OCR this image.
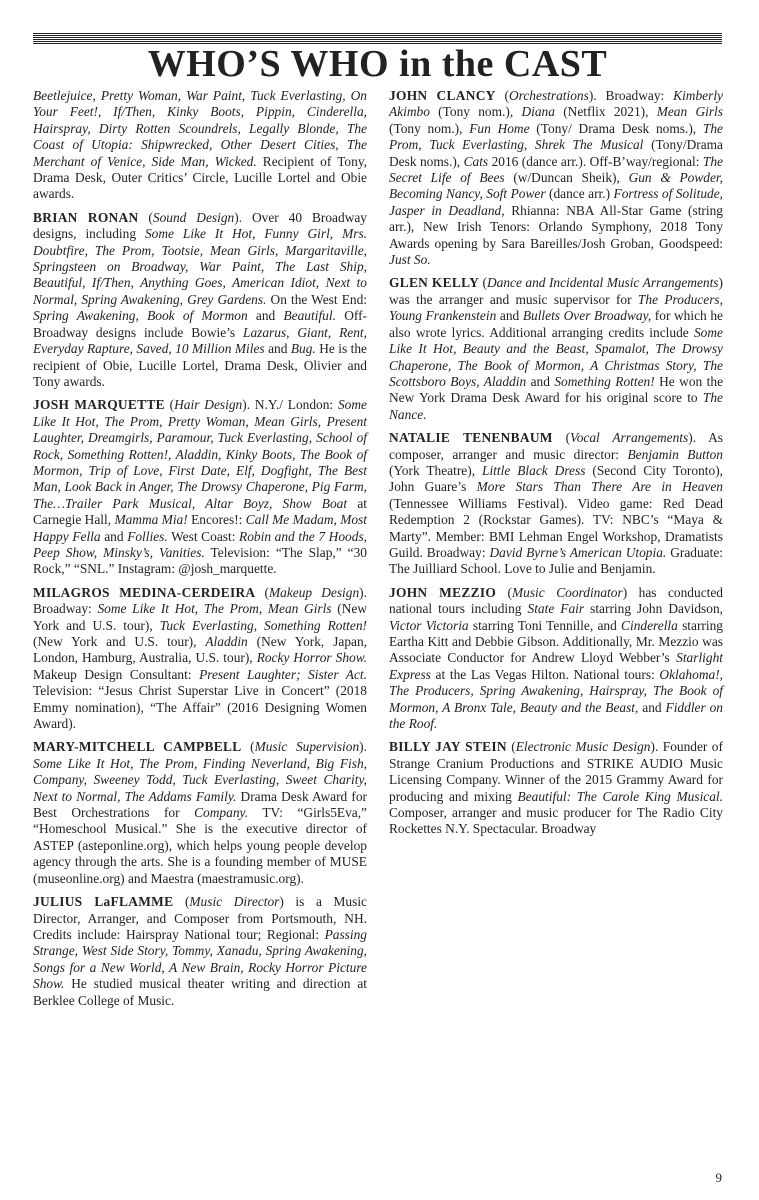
WHO’S WHO in the CAST

Beetlejuice, Pretty Woman, War Paint, Tuck Everlasting, On Your Feet!, If/Then, Kinky Boots, Pippin, Cinderella, Hairspray, Dirty Rotten Scoundrels, Legally Blonde, The Coast of Utopia: Shipwrecked, Other Desert Cities, The Merchant of Venice, Side Man, Wicked. Recipient of Tony, Drama Desk, Outer Critics’ Circle, Lucille Lortel and Obie awards.

BRIAN RONAN (Sound Design). Over 40 Broadway designs, including Some Like It Hot, Funny Girl, Mrs. Doubtfire, The Prom, Tootsie, Mean Girls, Margaritaville, Springsteen on Broadway, War Paint, The Last Ship, Beautiful, If/Then, Anything Goes, American Idiot, Next to Normal, Spring Awakening, Grey Gardens. On the West End: Spring Awakening, Book of Mormon and Beautiful. Off-Broadway designs include Bowie’s Lazarus, Giant, Rent, Everyday Rapture, Saved, 10 Million Miles and Bug. He is the recipient of Obie, Lucille Lortel, Drama Desk, Olivier and Tony awards.

JOSH MARQUETTE (Hair Design). N.Y./ London: Some Like It Hot, The Prom, Pretty Woman, Mean Girls, Present Laughter, Dreamgirls, Paramour, Tuck Everlasting, School of Rock, Something Rotten!, Aladdin, Kinky Boots, The Book of Mormon, Trip of Love, First Date, Elf, Dogfight, The Best Man, Look Back in Anger, The Drowsy Chaperone, Pig Farm, The…Trailer Park Musical, Altar Boyz, Show Boat at Carnegie Hall, Mamma Mia! Encores!: Call Me Madam, Most Happy Fella and Follies. West Coast: Robin and the 7 Hoods, Peep Show, Minsky’s, Vanities. Television: “The Slap,” “30 Rock,” “SNL.” Instagram: @josh_marquette.

MILAGROS MEDINA-CERDEIRA (Makeup Design). Broadway: Some Like It Hot, The Prom, Mean Girls (New York and U.S. tour), Tuck Everlasting, Something Rotten! (New York and U.S. tour), Aladdin (New York, Japan, London, Hamburg, Australia, U.S. tour), Rocky Horror Show. Makeup Design Consultant: Present Laughter; Sister Act. Television: “Jesus Christ Superstar Live in Concert” (2018 Emmy nomination), “The Affair” (2016 Designing Women Award).

MARY-MITCHELL CAMPBELL (Music Supervision). Some Like It Hot, The Prom, Finding Neverland, Big Fish, Company, Sweeney Todd, Tuck Everlasting, Sweet Charity, Next to Normal, The Addams Family. Drama Desk Award for Best Orchestrations for Company. TV: “Girls5Eva,” “Homeschool Musical.” She is the executive director of ASTEP (asteponline.org), which helps young people develop agency through the arts. She is a founding member of MUSE (museonline.org) and Maestra (maestramusic.org).

JULIUS LaFLAMME (Music Director) is a Music Director, Arranger, and Composer from Portsmouth, NH. Credits include: Hairspray National tour; Regional: Passing Strange, West Side Story, Tommy, Xanadu, Spring Awakening, Songs for a New World, A New Brain, Rocky Horror Picture Show. He studied musical theater writing and direction at Berklee College of Music.

JOHN CLANCY (Orchestrations). Broadway: Kimberly Akimbo (Tony nom.), Diana (Netflix 2021), Mean Girls (Tony nom.), Fun Home (Tony/ Drama Desk noms.), The Prom, Tuck Everlasting, Shrek The Musical (Tony/Drama Desk noms.), Cats 2016 (dance arr.). Off-B’way/regional: The Secret Life of Bees (w/Duncan Sheik), Gun & Powder, Becoming Nancy, Soft Power (dance arr.) Fortress of Solitude, Jasper in Deadland, Rhianna: NBA All-Star Game (string arr.), New Irish Tenors: Orlando Symphony, 2018 Tony Awards opening by Sara Bareilles/Josh Groban, Goodspeed: Just So.

GLEN KELLY (Dance and Incidental Music Arrangements) was the arranger and music supervisor for The Producers, Young Frankenstein and Bullets Over Broadway, for which he also wrote lyrics. Additional arranging credits include Some Like It Hot, Beauty and the Beast, Spamalot, The Drowsy Chaperone, The Book of Mormon, A Christmas Story, The Scottsboro Boys, Aladdin and Something Rotten! He won the New York Drama Desk Award for his original score to The Nance.

NATALIE TENENBAUM (Vocal Arrangements). As composer, arranger and music director: Benjamin Button (York Theatre), Little Black Dress (Second City Toronto), John Guare’s More Stars Than There Are in Heaven (Tennessee Williams Festival). Video game: Red Dead Redemption 2 (Rockstar Games). TV: NBC’s “Maya & Marty”. Member: BMI Lehman Engel Workshop, Dramatists Guild. Broadway: David Byrne’s American Utopia. Graduate: The Juilliard School. Love to Julie and Benjamin.

JOHN MEZZIO (Music Coordinator) has conducted national tours including State Fair starring John Davidson, Victor Victoria starring Toni Tennille, and Cinderella starring Eartha Kitt and Debbie Gibson. Additionally, Mr. Mezzio was Associate Conductor for Andrew Lloyd Webber’s Starlight Express at the Las Vegas Hilton. National tours: Oklahoma!, The Producers, Spring Awakening, Hairspray, The Book of Mormon, A Bronx Tale, Beauty and the Beast, and Fiddler on the Roof.

BILLY JAY STEIN (Electronic Music Design). Founder of Strange Cranium Productions and STRIKE AUDIO Music Licensing Company. Winner of the 2015 Grammy Award for producing and mixing Beautiful: The Carole King Musical. Composer, arranger and music producer for The Radio City Rockettes N.Y. Spectacular. Broadway

9
